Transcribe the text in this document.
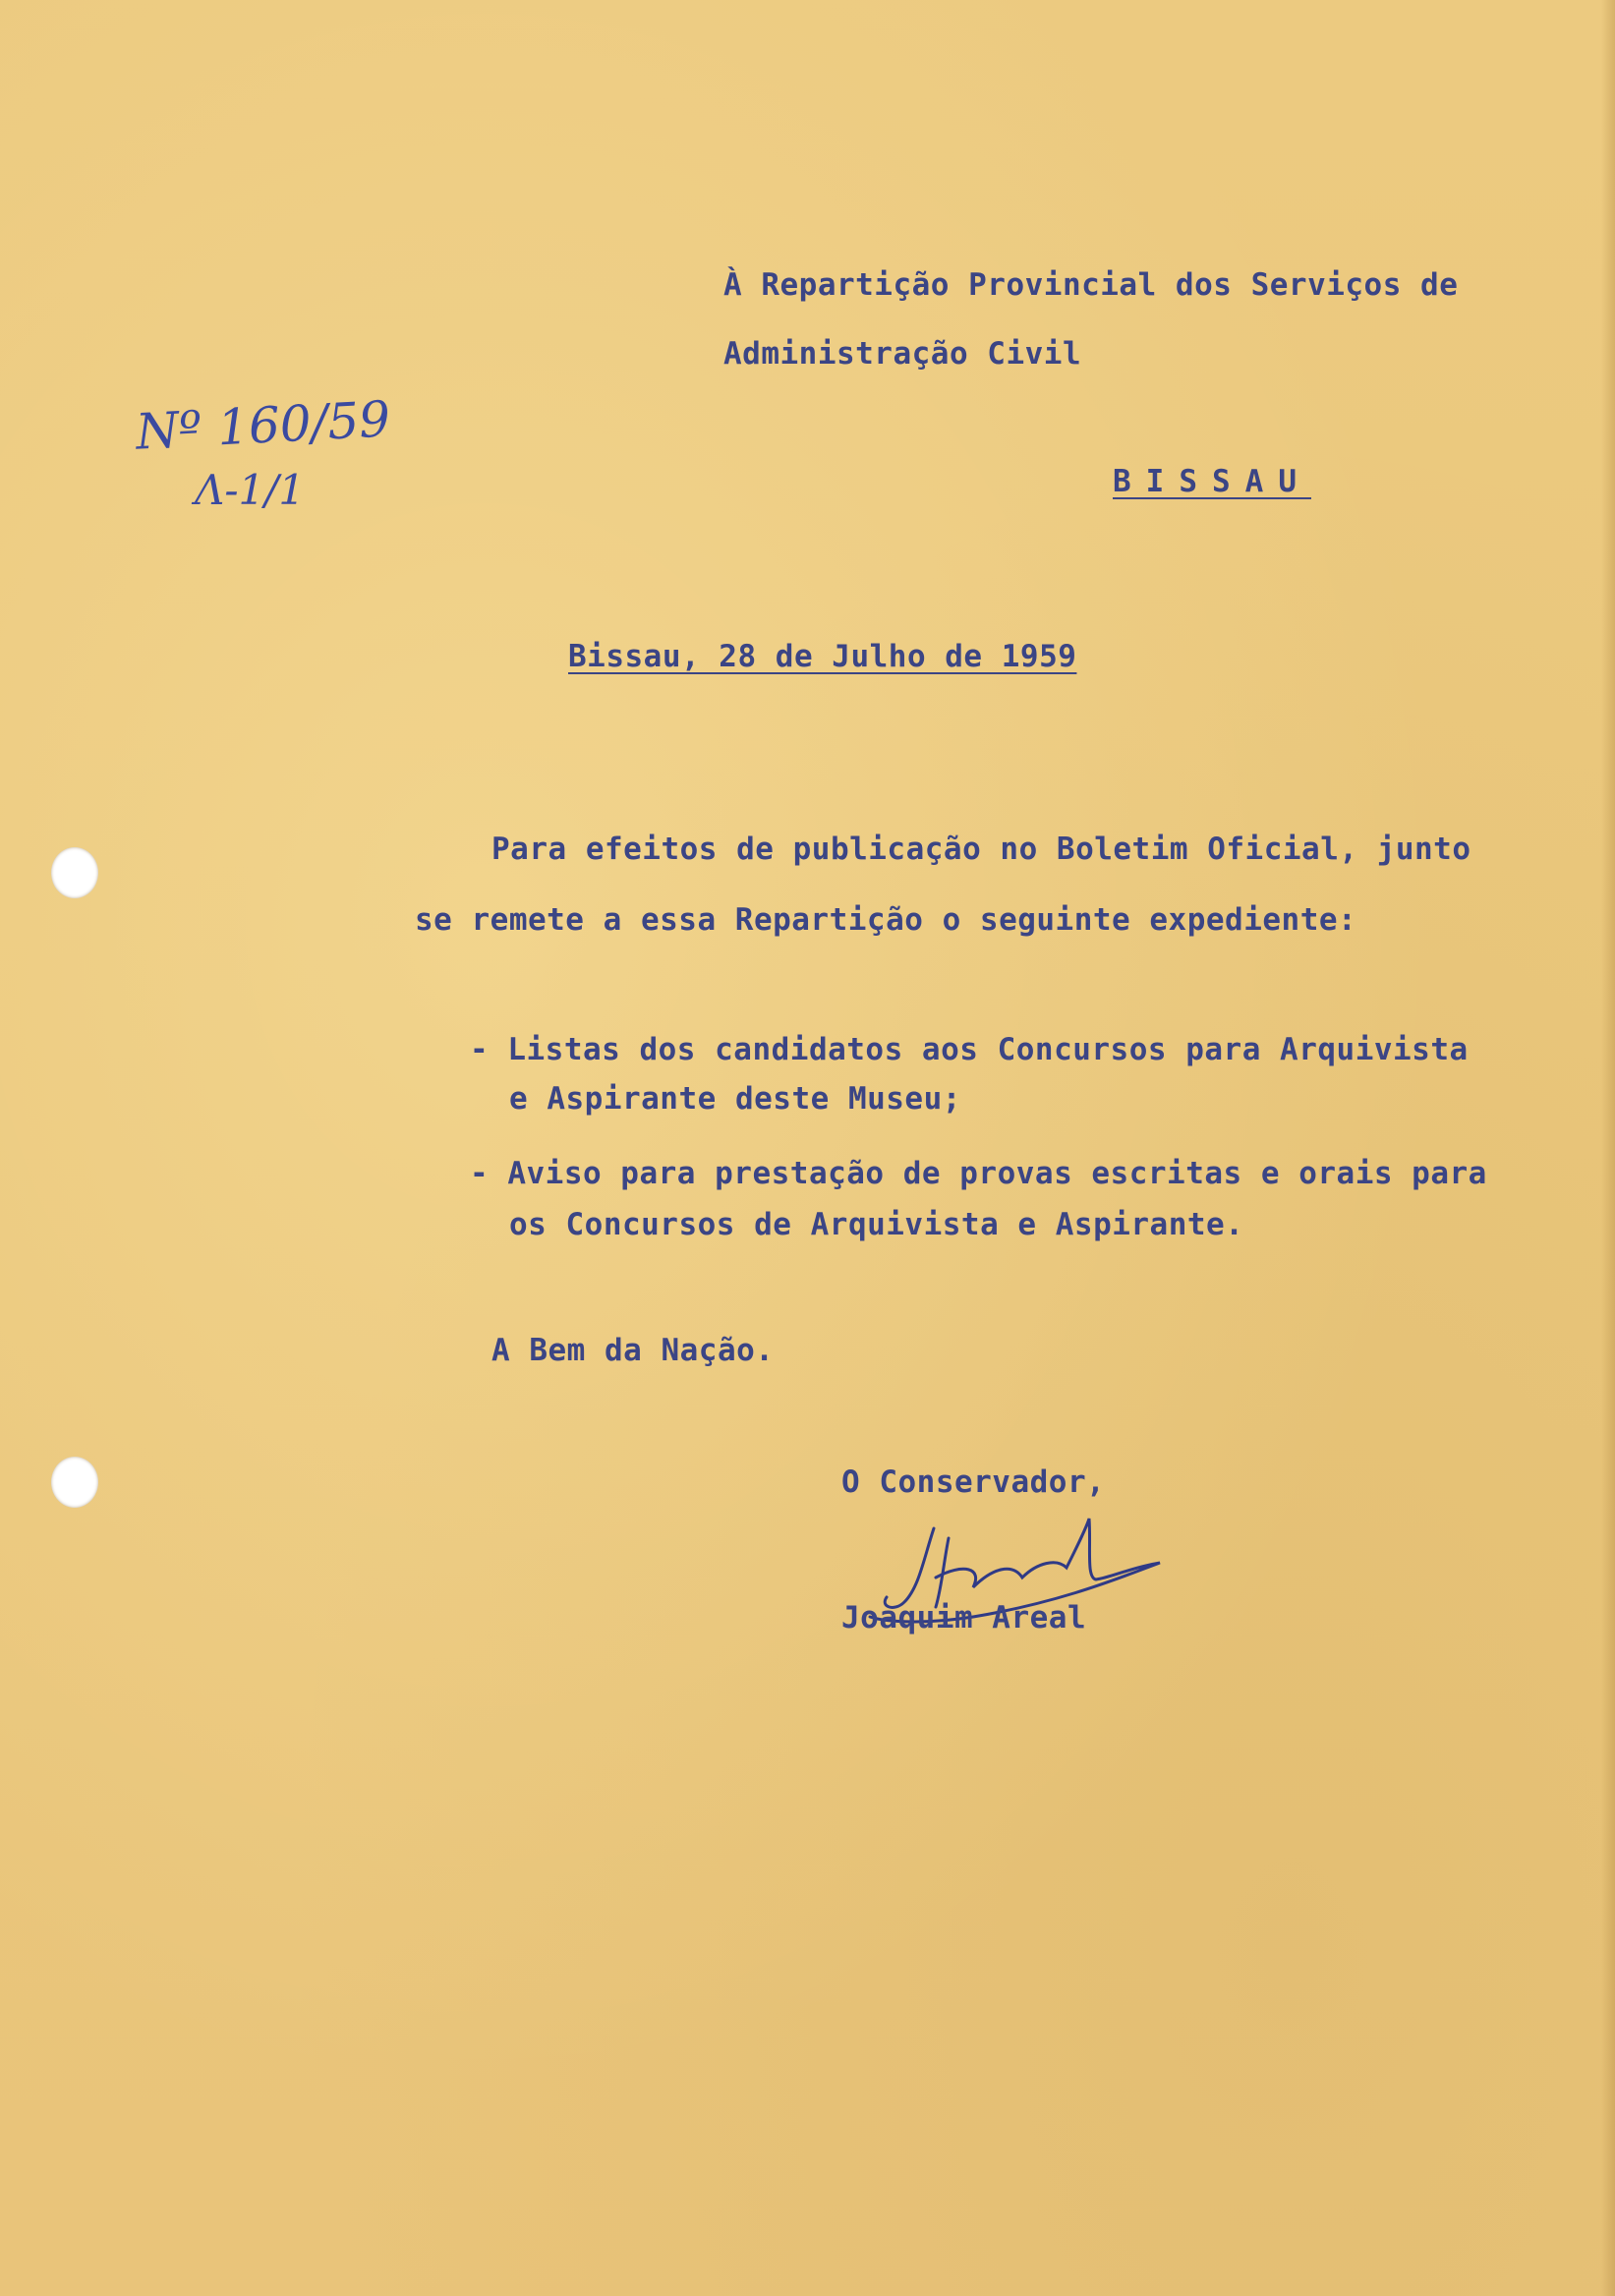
À Repartição Provincial dos Serviços de
Administração Civil
BISSAU
Nº 160/59
Λ-1/1
Bissau, 28 de Julho de 1959
Para efeitos de publicação no Boletim Oficial, junto
se remete a essa Repartição o seguinte expediente:
- Listas dos candidatos aos Concursos para Arquivista
e Aspirante deste Museu;
- Aviso para prestação de provas escritas e orais para
os Concursos de Arquivista e Aspirante.
A Bem da Nação.
O Conservador,
Joaquim Areal
